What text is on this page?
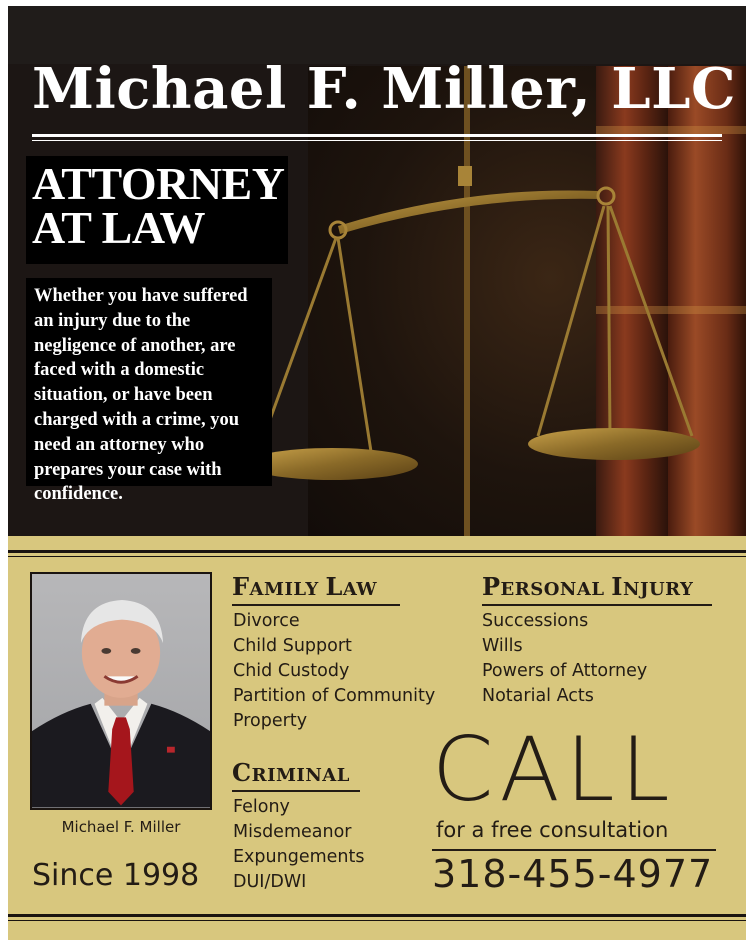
Michael F. Miller, LLC
ATTORNEY
AT LAW
Whether you have suffered an injury due to the negligence of another, are faced with a domestic situation, or have been charged with a crime, you need an attorney who prepares your case with confidence.
Michael F. Miller
Since 1998
FAMILY LAW
Divorce
Child Support
Chid Custody
Partition of Community
Property
CRIMINAL
Felony
Misdemeanor
Expungements
DUI/DWI
PERSONAL INJURY
Successions
Wills
Powers of Attorney
Notarial Acts
CALL
for a free consultation
318-455-4977
